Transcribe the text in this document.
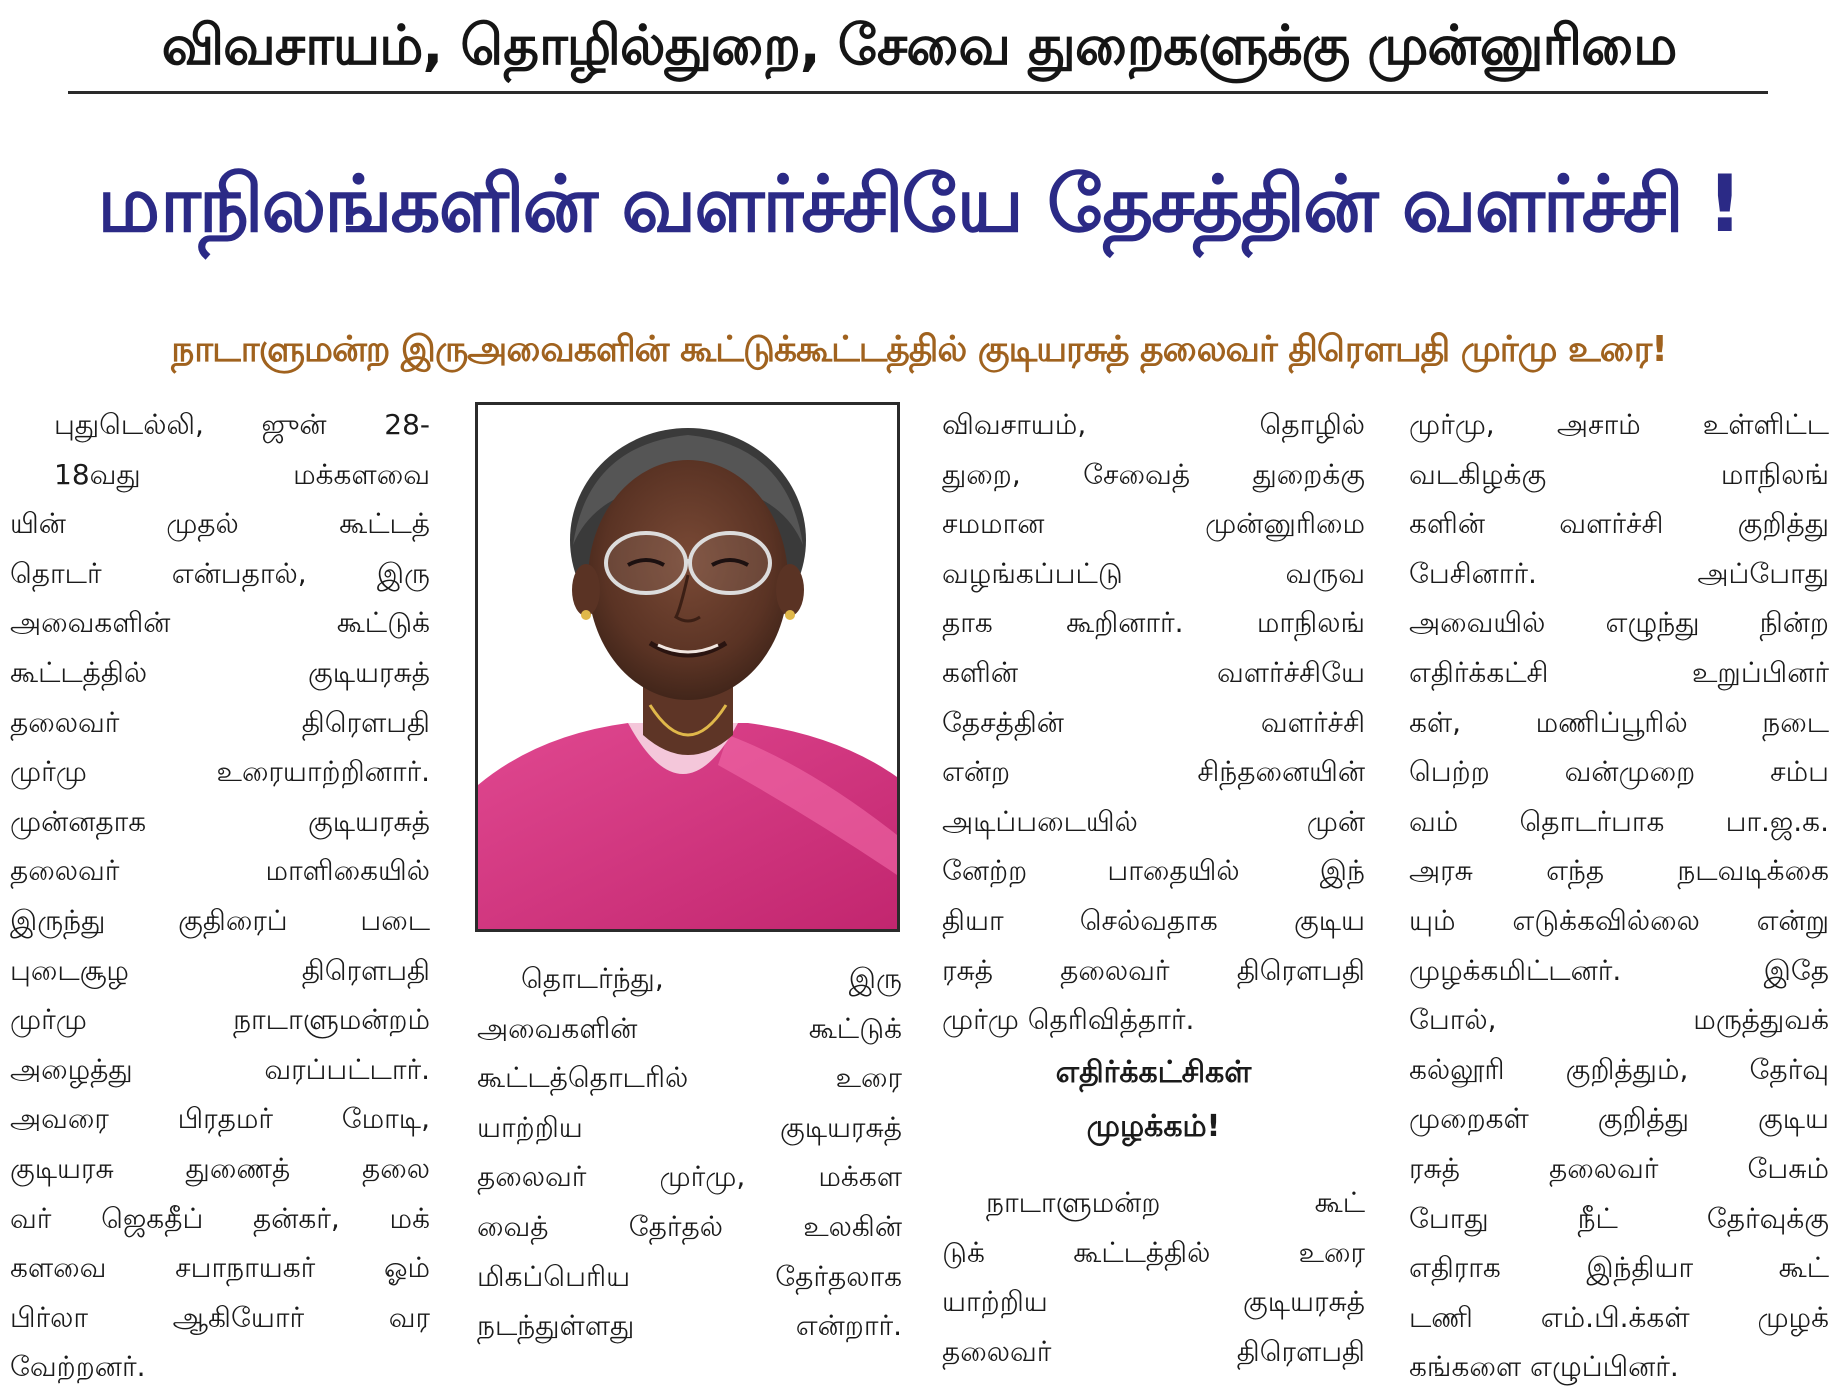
விவசாயம், தொழில்துறை, சேவை துறைகளுக்கு முன்னுரிமை
மாநிலங்களின் வளர்ச்சியே தேசத்தின் வளர்ச்சி !
நாடாளுமன்ற இருஅவைகளின் கூட்டுக்கூட்டத்தில் குடியரசுத் தலைவர் திரௌபதி முர்மு உரை!
புதுடெல்லி, ஜுன் 28-
18வது மக்களவை
யின் முதல் கூட்டத்
தொடர் என்பதால், இரு
அவைகளின் கூட்டுக்
கூட்டத்தில் குடியரசுத்
தலைவர் திரௌபதி
முர்மு உரையாற்றினார்.
முன்னதாக குடியரசுத்
தலைவர் மாளிகையில்
இருந்து குதிரைப் படை
புடைசூழ திரௌபதி
முர்மு நாடாளுமன்றம்
அழைத்து வரப்பட்டார்.
அவரை பிரதமர் மோடி,
குடியரசு துணைத் தலை
வர் ஜெகதீப் தன்கர், மக்
களவை சபாநாயகர் ஓம்
பிர்லா ஆகியோர் வர
வேற்றனர்.
தொடர்ந்து, இரு
அவைகளின் கூட்டுக்
கூட்டத்தொடரில் உரை
யாற்றிய குடியரசுத்
தலைவர் முர்மு, மக்கள
வைத் தேர்தல் உலகின்
மிகப்பெரிய தேர்தலாக
நடந்துள்ளது என்றார்.
விவசாயம், தொழில்
துறை, சேவைத் துறைக்கு
சமமான முன்னுரிமை
வழங்கப்பட்டு வருவ
தாக கூறினார். மாநிலங்
களின் வளர்ச்சியே
தேசத்தின் வளர்ச்சி
என்ற சிந்தனையின்
அடிப்படையில் முன்
னேற்ற பாதையில் இந்
தியா செல்வதாக குடிய
ரசுத் தலைவர் திரௌபதி
முர்மு தெரிவித்தார்.
எதிர்க்கட்சிகள்
முழக்கம்!
நாடாளுமன்ற கூட்
டுக் கூட்டத்தில் உரை
யாற்றிய குடியரசுத்
தலைவர் திரௌபதி
முர்மு, அசாம் உள்ளிட்ட
வடகிழக்கு மாநிலங்
களின் வளர்ச்சி குறித்து
பேசினார். அப்போது
அவையில் எழுந்து நின்ற
எதிர்க்கட்சி உறுப்பினர்
கள், மணிப்பூரில் நடை
பெற்ற வன்முறை சம்ப
வம் தொடர்பாக பா.ஜ.க.
அரசு எந்த நடவடிக்கை
யும் எடுக்கவில்லை என்று
முழக்கமிட்டனர். இதே
போல், மருத்துவக்
கல்லூரி குறித்தும், தேர்வு
முறைகள் குறித்து குடிய
ரசுத் தலைவர் பேசும்
போது நீட் தேர்வுக்கு
எதிராக இந்தியா கூட்
டணி எம்.பி.க்கள் முழக்
கங்களை எழுப்பினர்.
